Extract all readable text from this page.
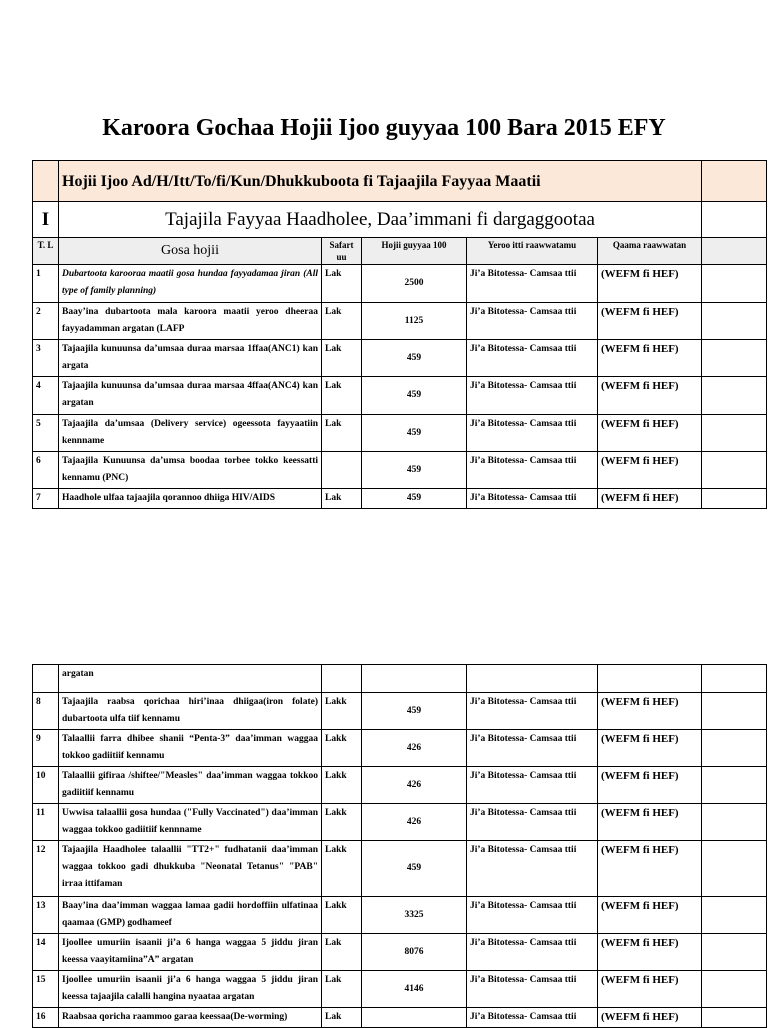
Karoora Gochaa Hojii Ijoo guyyaa 100 Bara 2015 EFY
	Hojii Ijoo Ad/H/Itt/To/fi/Kun/Dhukkuboota fi Tajaajila Fayyaa Maatii					
I	Tajajila Fayyaa Haadholee, Daa’immani fi dargaggootaa					
T. L	Gosa hojii	Safart uu	Hojii guyyaa 100	Yeroo itti raawwatamu	Qaama raawwatan	
1	Dubartoota karooraa maatii gosa hundaa fayyadamaa jiran (All type of family planning)	Lak	2500	Ji’a Bitotessa- Camsaa ttii	(WEFM fi HEF)	
2	Baay’ina dubartoota mala karoora maatii yeroo dheeraa fayyadamman argatan (LAFP	Lak	1125	Ji’a Bitotessa- Camsaa ttii	(WEFM fi HEF)	
3	Tajaajila kunuunsa da’umsaa duraa marsaa 1ffaa(ANC1) kan argata	Lak	459	Ji’a Bitotessa- Camsaa ttii	(WEFM fi HEF)	
4	Tajaajila kunuunsa da’umsaa duraa marsaa 4ffaa(ANC4) kan argatan	Lak	459	Ji’a Bitotessa- Camsaa ttii	(WEFM fi HEF)	
5	Tajaajila da’umsaa (Delivery service) ogeessota fayyaatiin kennname	Lak	459	Ji’a Bitotessa- Camsaa ttii	(WEFM fi HEF)	
6	Tajaajila Kunuunsa da’umsa boodaa torbee tokko keessatti kennamu (PNC)		459	Ji’a Bitotessa- Camsaa ttii	(WEFM fi HEF)	
7	Haadhole ulfaa tajaajila qorannoo dhiiga HIV/AIDS	Lak	459	Ji’a Bitotessa- Camsaa ttii	(WEFM fi HEF)	
	argatan					
8	Tajaajila raabsa qorichaa hiri’inaa dhiigaa(iron folate) dubartoota ulfa tiif kennamu	Lakk	459	Ji’a Bitotessa- Camsaa ttii	(WEFM fi HEF)	
9	Talaallii farra dhibee shanii “Penta-3” daa’imman waggaa tokkoo gadiitiif kennamu	Lakk	426	Ji’a Bitotessa- Camsaa ttii	(WEFM fi HEF)	
10	Talaallii gifiraa /shiftee/"Measles" daa’imman waggaa tokkoo gadiitiif kennamu	Lakk	426	Ji’a Bitotessa- Camsaa ttii	(WEFM fi HEF)	
11	Uwwisa talaallii gosa hundaa ("Fully Vaccinated") daa’imman waggaa tokkoo gadiitiif kennname	Lakk	426	Ji’a Bitotessa- Camsaa ttii	(WEFM fi HEF)	
12	Tajaajila Haadholee talaallii "TT2+" fudhatanii daa’imman waggaa tokkoo gadi dhukkuba "Neonatal Tetanus" "PAB" irraa ittifaman	Lakk	459	Ji’a Bitotessa- Camsaa ttii	(WEFM fi HEF)	
13	Baay’ina daa’imman waggaa lamaa gadii hordoffiin ulfatinaa qaamaa (GMP) godhameef	Lakk	3325	Ji’a Bitotessa- Camsaa ttii	(WEFM fi HEF)	
14	Ijoollee umuriin isaanii ji’a 6 hanga waggaa 5 jiddu jiran keessa vaayitamiina”A” argatan	Lak	8076	Ji’a Bitotessa- Camsaa ttii	(WEFM fi HEF)	
15	Ijoollee umuriin isaanii ji’a 6 hanga waggaa 5 jiddu jiran keessa tajaajila calalli hangina nyaataa argatan	Lak	4146	Ji’a Bitotessa- Camsaa ttii	(WEFM fi HEF)	
16	Raabsaa qoricha raammoo garaa keessaa(De-worming)	Lak		Ji’a Bitotessa- Camsaa ttii	(WEFM fi HEF)	
